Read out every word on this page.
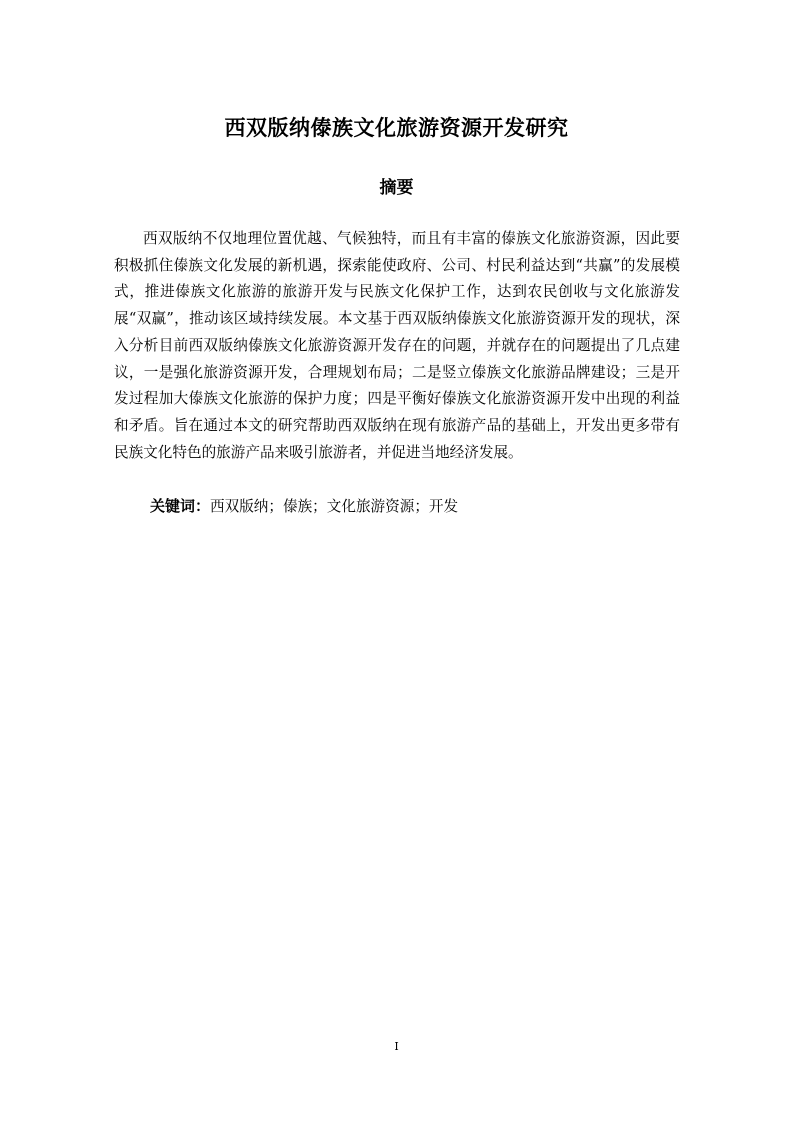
西双版纳傣族文化旅游资源开发研究
摘要

西双版纳不仅地理位置优越、气候独特，而且有丰富的傣族文化旅游资源，因此要积极抓住傣族文化发展的新机遇，探索能使政府、公司、村民利益达到“共赢”的发展模式，推进傣族文化旅游的旅游开发与民族文化保护工作，达到农民创收与文化旅游发展“双赢”，推动该区域持续发展。本文基于西双版纳傣族文化旅游资源开发的现状，深入分析目前西双版纳傣族文化旅游资源开发存在的问题，并就存在的问题提出了几点建议，一是强化旅游资源开发，合理规划布局；二是竖立傣族文化旅游品牌建设；三是开发过程加大傣族文化旅游的保护力度；四是平衡好傣族文化旅游资源开发中出现的利益和矛盾。旨在通过本文的研究帮助西双版纳在现有旅游产品的基础上，开发出更多带有民族文化特色的旅游产品来吸引旅游者，并促进当地经济发展。

关键词：西双版纳；傣族；文化旅游资源；开发
I
